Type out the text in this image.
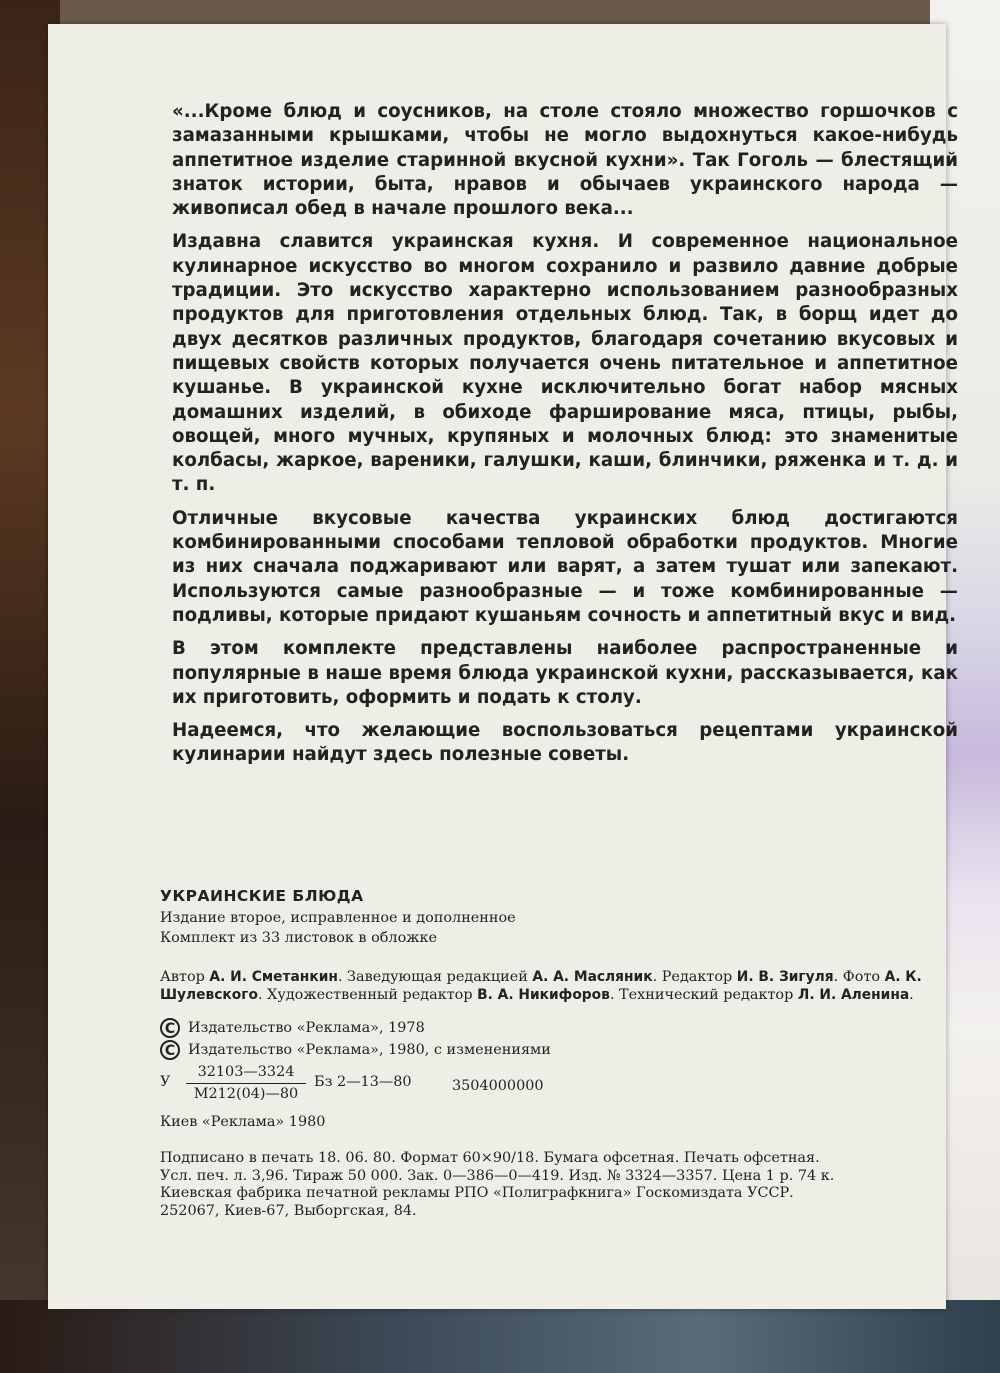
«...Кроме блюд и соусников, на столе стояло множество горшочков с замазанными крышками, чтобы не могло выдохнуться какое-нибудь аппетитное изделие старинной вкусной кухни». Так Гоголь — блестящий знаток истории, быта, нравов и обычаев украинского народа — живописал обед в начале прошлого века...

Издавна славится украинская кухня. И современное национальное кулинарное искусство во многом сохранило и развило давние добрые традиции. Это искусство характерно использованием разнообразных продуктов для приготовления отдельных блюд. Так, в борщ идет до двух десятков различных продуктов, благодаря сочетанию вкусовых и пищевых свойств которых получается очень питательное и аппетитное кушанье. В украинской кухне исключительно богат набор мясных домашних изделий, в обиходе фарширование мяса, птицы, рыбы, овощей, много мучных, крупяных и молочных блюд: это знаменитые колбасы, жаркое, вареники, галушки, каши, блинчики, ряженка и т. д. и т. п.

Отличные вкусовые качества украинских блюд достигаются комбинированными способами тепловой обработки продуктов. Многие из них сначала поджаривают или варят, а затем тушат или запекают. Используются самые разнообразные — и тоже комбинированные — подливы, которые придают кушаньям сочность и аппетитный вкус и вид.

В этом комплекте представлены наиболее распространенные и популярные в наше время блюда украинской кухни, рассказывается, как их приготовить, оформить и подать к столу.

Надеемся, что желающие воспользоваться рецептами украинской кулинарии найдут здесь полезные советы.

УКРАИНСКИЕ БЛЮДА

Издание второе, исправленное и дополненное

Комплект из 33 листовок в обложке

Автор А. И. Сметанкин. Заведующая редакцией А. А. Масляник. Редактор И. В. Зигуля. Фото А. К. Шулевского. Художественный редактор В. А. Никифоров. Технический редактор Л. И. Аленина.

C Издательство «Реклама», 1978
C Издательство «Реклама», 1980, с изменениями
У
32103—3324
М212(04)—80
Бз 2—13—80	3504000000

Киев «Реклама» 1980

Подписано в печать 18. 06. 80. Формат 60×90/18. Бумага офсетная. Печать офсетная.

Усл. печ. л. 3,96. Тираж 50 000. Зак. 0—386—0—419. Изд. № 3324—3357. Цена 1 р. 74 к.

Киевская фабрика печатной рекламы РПО «Полиграфкнига» Госкомиздата УССР.

252067, Киев-67, Выборгская, 84.
